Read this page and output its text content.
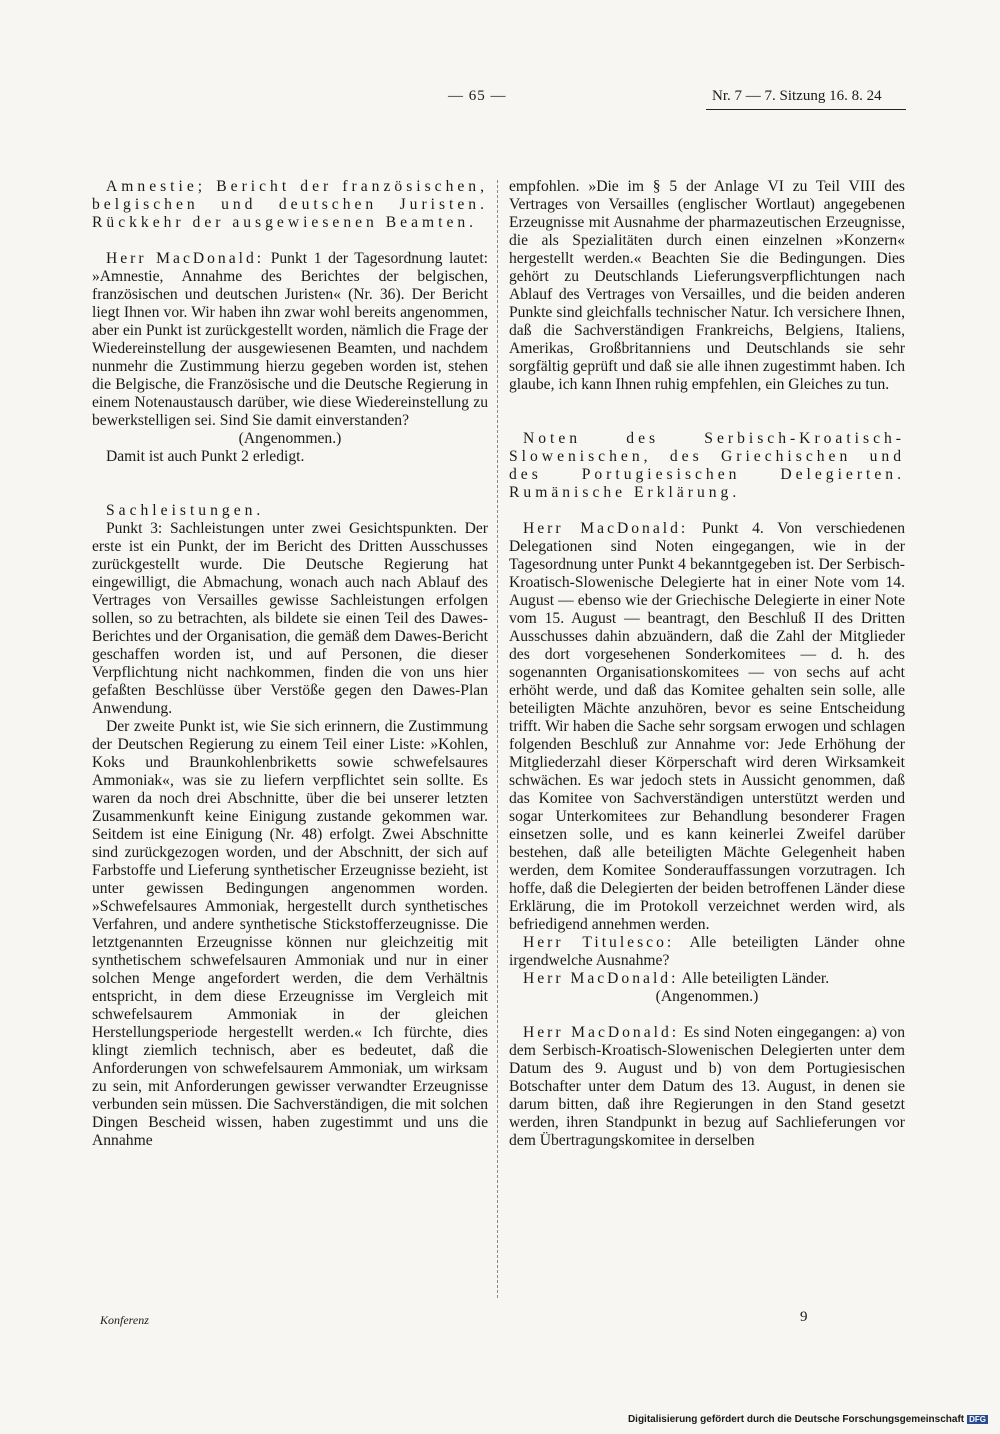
— 65 —	Nr. 7 — 7. Sitzung 16. 8. 24
Amnestie; Bericht der französischen, belgischen und deutschen Juristen. Rückkehr der ausgewiesenen Beamten.

Herr MacDonald: Punkt 1 der Tagesordnung lautet: »Amnestie, Annahme des Berichtes der belgischen, französischen und deutschen Juristen« (Nr. 36). Der Bericht liegt Ihnen vor. Wir haben ihn zwar wohl bereits angenommen, aber ein Punkt ist zurückgestellt worden, nämlich die Frage der Wiedereinstellung der ausgewiesenen Beamten, und nachdem nunmehr die Zustimmung hierzu gegeben worden ist, stehen die Belgische, die Französische und die Deutsche Regierung in einem Notenaustausch darüber, wie diese Wiedereinstellung zu bewerkstelligen sei. Sind Sie damit einverstanden?

(Angenommen.)

Damit ist auch Punkt 2 erledigt.

Sachleistungen.

Punkt 3: Sachleistungen unter zwei Gesichtspunkten. Der erste ist ein Punkt, der im Bericht des Dritten Ausschusses zurückgestellt wurde. Die Deutsche Regierung hat eingewilligt, die Abmachung, wonach auch nach Ablauf des Vertrages von Versailles gewisse Sachleistungen erfolgen sollen, so zu betrachten, als bildete sie einen Teil des Dawes-Berichtes und der Organisation, die gemäß dem Dawes-Bericht geschaffen worden ist, und auf Personen, die dieser Verpflichtung nicht nachkommen, finden die von uns hier gefaßten Beschlüsse über Verstöße gegen den Dawes-Plan Anwendung.

Der zweite Punkt ist, wie Sie sich erinnern, die Zustimmung der Deutschen Regierung zu einem Teil einer Liste: »Kohlen, Koks und Braunkohlenbriketts sowie schwefelsaures Ammoniak«, was sie zu liefern verpflichtet sein sollte. Es waren da noch drei Abschnitte, über die bei unserer letzten Zusammenkunft keine Einigung zustande gekommen war. Seitdem ist eine Einigung (Nr. 48) erfolgt. Zwei Abschnitte sind zurückgezogen worden, und der Abschnitt, der sich auf Farbstoffe und Lieferung synthetischer Erzeugnisse bezieht, ist unter gewissen Bedingungen angenommen worden. »Schwefelsaures Ammoniak, hergestellt durch synthetisches Verfahren, und andere synthetische Stickstofferzeugnisse. Die letztgenannten Erzeugnisse können nur gleichzeitig mit synthetischem schwefelsauren Ammoniak und nur in einer solchen Menge angefordert werden, die dem Verhältnis entspricht, in dem diese Erzeugnisse im Vergleich mit schwefelsaurem Ammoniak in der gleichen Herstellungsperiode hergestellt werden.« Ich fürchte, dies klingt ziemlich technisch, aber es bedeutet, daß die Anforderungen von schwefelsaurem Ammoniak, um wirksam zu sein, mit Anforderungen gewisser verwandter Erzeugnisse verbunden sein müssen. Die Sachverständigen, die mit solchen Dingen Bescheid wissen, haben zugestimmt und uns die Annahme

empfohlen. »Die im § 5 der Anlage VI zu Teil VIII des Vertrages von Versailles (englischer Wortlaut) angegebenen Erzeugnisse mit Ausnahme der pharmazeutischen Erzeugnisse, die als Spezialitäten durch einen einzelnen »Konzern« hergestellt werden.« Beachten Sie die Bedingungen. Dies gehört zu Deutschlands Lieferungsverpflichtungen nach Ablauf des Vertrages von Versailles, und die beiden anderen Punkte sind gleichfalls technischer Natur. Ich versichere Ihnen, daß die Sachverständigen Frankreichs, Belgiens, Italiens, Amerikas, Großbritanniens und Deutschlands sie sehr sorgfältig geprüft und daß sie alle ihnen zugestimmt haben. Ich glaube, ich kann Ihnen ruhig empfehlen, ein Gleiches zu tun.

Noten des Serbisch-Kroatisch-Slowenischen, des Griechischen und des Portugiesischen Delegierten. Rumänische Erklärung.

Herr MacDonald: Punkt 4. Von verschiedenen Delegationen sind Noten eingegangen, wie in der Tagesordnung unter Punkt 4 bekanntgegeben ist. Der Serbisch-Kroatisch-Slowenische Delegierte hat in einer Note vom 14. August — ebenso wie der Griechische Delegierte in einer Note vom 15. August — beantragt, den Beschluß II des Dritten Ausschusses dahin abzuändern, daß die Zahl der Mitglieder des dort vorgesehenen Sonderkomitees — d. h. des sogenannten Organisationskomitees — von sechs auf acht erhöht werde, und daß das Komitee gehalten sein solle, alle beteiligten Mächte anzuhören, bevor es seine Entscheidung trifft. Wir haben die Sache sehr sorgsam erwogen und schlagen folgenden Beschluß zur Annahme vor: Jede Erhöhung der Mitgliederzahl dieser Körperschaft wird deren Wirksamkeit schwächen. Es war jedoch stets in Aussicht genommen, daß das Komitee von Sachverständigen unterstützt werden und sogar Unterkomitees zur Behandlung besonderer Fragen einsetzen solle, und es kann keinerlei Zweifel darüber bestehen, daß alle beteiligten Mächte Gelegenheit haben werden, dem Komitee Sonderauffassungen vorzutragen. Ich hoffe, daß die Delegierten der beiden betroffenen Länder diese Erklärung, die im Protokoll verzeichnet werden wird, als befriedigend annehmen werden.

Herr Titulesco: Alle beteiligten Länder ohne irgendwelche Ausnahme?

Herr MacDonald: Alle beteiligten Länder.

(Angenommen.)

Herr MacDonald: Es sind Noten eingegangen: a) von dem Serbisch-Kroatisch-Slowenischen Delegierten unter dem Datum des 9. August und b) von dem Portugiesischen Botschafter unter dem Datum des 13. August, in denen sie darum bitten, daß ihre Regierungen in den Stand gesetzt werden, ihren Standpunkt in bezug auf Sachlieferungen vor dem Übertragungskomitee in derselben

Konferenz	9
Digitalisierung gefördert durch die Deutsche Forschungsgemeinschaft DFG
